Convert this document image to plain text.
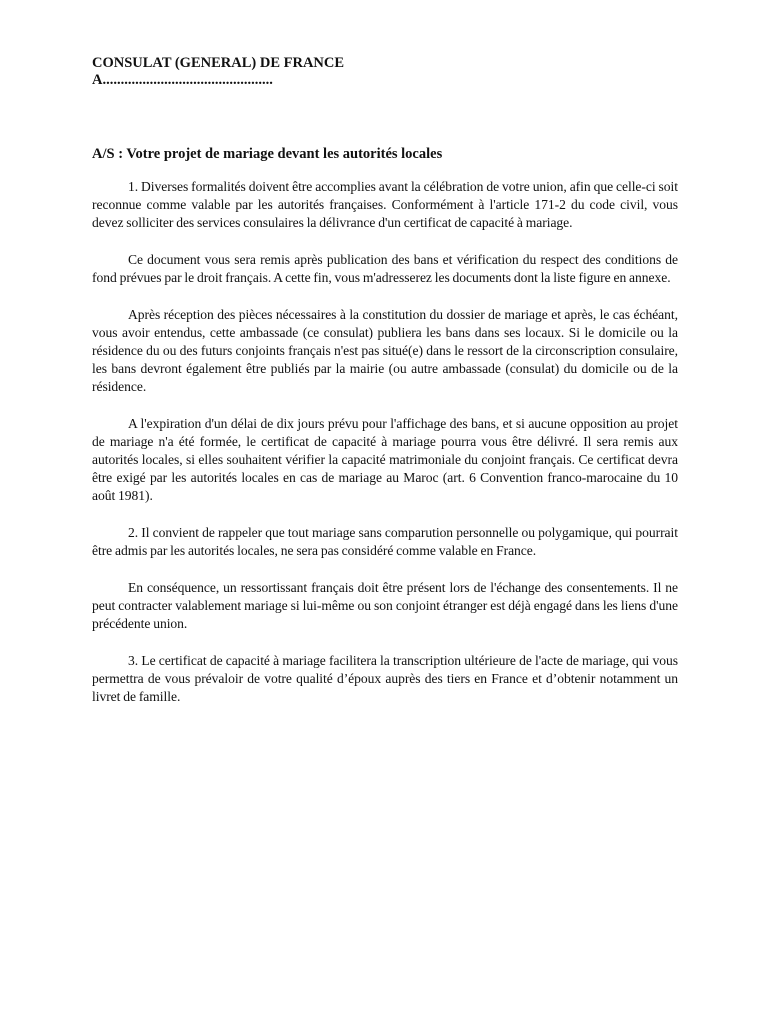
CONSULAT (GENERAL) DE FRANCE
A...............................................
A/S : Votre projet de mariage devant les autorités locales

1. Diverses formalités doivent être accomplies avant la célébration de votre union, afin que celle-ci soit reconnue comme valable par les autorités françaises. Conformément à l'article 171-2 du code civil, vous devez solliciter des services consulaires la délivrance d'un certificat de capacité à mariage.

Ce document vous sera remis après publication des bans et vérification du respect des conditions de fond prévues par le droit français. A cette fin, vous m'adresserez les documents dont la liste figure en annexe.

Après réception des pièces nécessaires à la constitution du dossier de mariage et après, le cas échéant, vous avoir entendus, cette ambassade (ce consulat) publiera les bans dans ses locaux. Si le domicile ou la résidence du ou des futurs conjoints français n'est pas situé(e) dans le ressort de la circonscription consulaire, les bans devront également être publiés par la mairie (ou autre ambassade (consulat) du domicile ou de la résidence.

A l'expiration d'un délai de dix jours prévu pour l'affichage des bans, et si aucune opposition au projet de mariage n'a été formée, le certificat de capacité à mariage pourra vous être délivré. Il sera remis aux autorités locales, si elles souhaitent vérifier la capacité matrimoniale du conjoint français. Ce certificat devra être exigé par les autorités locales en cas de mariage au Maroc (art. 6 Convention franco-marocaine du 10 août 1981).

2. Il convient de rappeler que tout mariage sans comparution personnelle ou polygamique, qui pourrait être admis par les autorités locales, ne sera pas considéré comme valable en France.

En conséquence, un ressortissant français doit être présent lors de l'échange des consentements. Il ne peut contracter valablement mariage si lui-même ou son conjoint étranger est déjà engagé dans les liens d'une précédente union.

3. Le certificat de capacité à mariage facilitera la transcription ultérieure de l'acte de mariage, qui vous permettra de vous prévaloir de votre qualité d’époux auprès des tiers en France et d’obtenir notamment un livret de famille.
